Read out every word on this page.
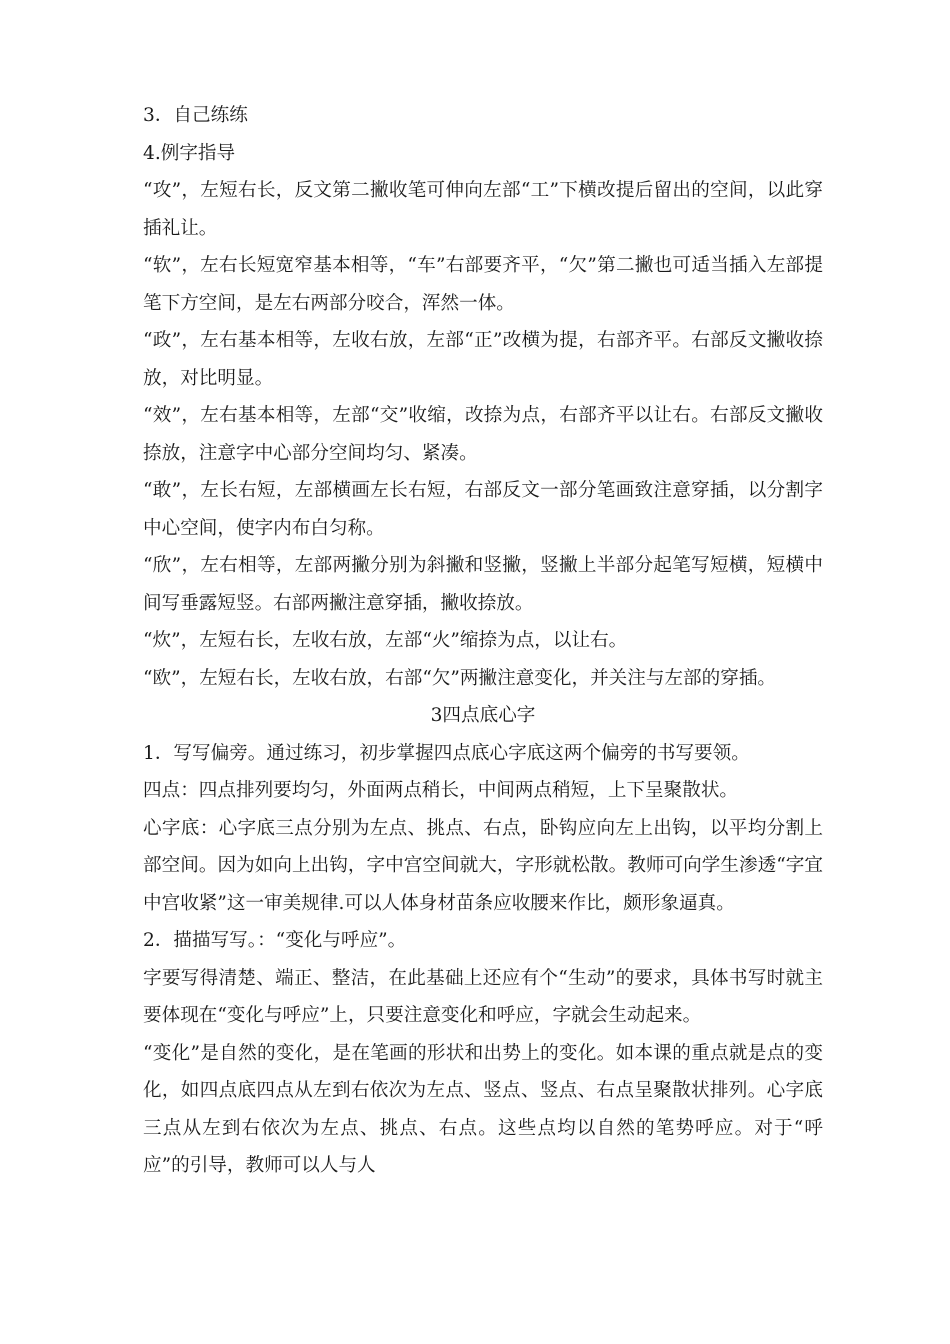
3．自己练练

4.例字指导

“攻”，左短右长，反文第二撇收笔可伸向左部“工”下横改提后留出的空间，以此穿插礼让。

“软”，左右长短宽窄基本相等，“车”右部要齐平，“欠”第二撇也可适当插入左部提笔下方空间，是左右两部分咬合，浑然一体。

“政”，左右基本相等，左收右放，左部“正”改横为提，右部齐平。右部反文撇收捺放，对比明显。

“效”，左右基本相等，左部“交”收缩，改捺为点，右部齐平以让右。右部反文撇收捺放，注意字中心部分空间均匀、紧凑。

“敢”，左长右短，左部横画左长右短，右部反文一部分笔画致注意穿插，以分割字中心空间，使字内布白匀称。

“欣”，左右相等，左部两撇分别为斜撇和竖撇，竖撇上半部分起笔写短横，短横中间写垂露短竖。右部两撇注意穿插，撇收捺放。

“炊”，左短右长，左收右放，左部“火”缩捺为点，以让右。

“欧”，左短右长，左收右放，右部“欠”两撇注意变化，并关注与左部的穿插。

3四点底心字

1．写写偏旁。通过练习，初步掌握四点底心字底这两个偏旁的书写要领。

四点：四点排列要均匀，外面两点稍长，中间两点稍短，上下呈聚散状。

心字底：心字底三点分别为左点、挑点、右点，卧钩应向左上出钩，以平均分割上部空间。因为如向上出钩，字中宫空间就大，字形就松散。教师可向学生渗透“字宜中宫收紧”这一审美规律.可以人体身材苗条应收腰来作比，颇形象逼真。

2．描描写写。：“变化与呼应”。

字要写得清楚、端正、整洁，在此基础上还应有个“生动”的要求，具体书写时就主要体现在“变化与呼应”上，只要注意变化和呼应，字就会生动起来。

“变化”是自然的变化，是在笔画的形状和出势上的变化。如本课的重点就是点的变化，如四点底四点从左到右依次为左点、竖点、竖点、右点呈聚散状排列。心字底三点从左到右依次为左点、挑点、右点。这些点均以自然的笔势呼应。对于“呼应”的引导，教师可以人与人
